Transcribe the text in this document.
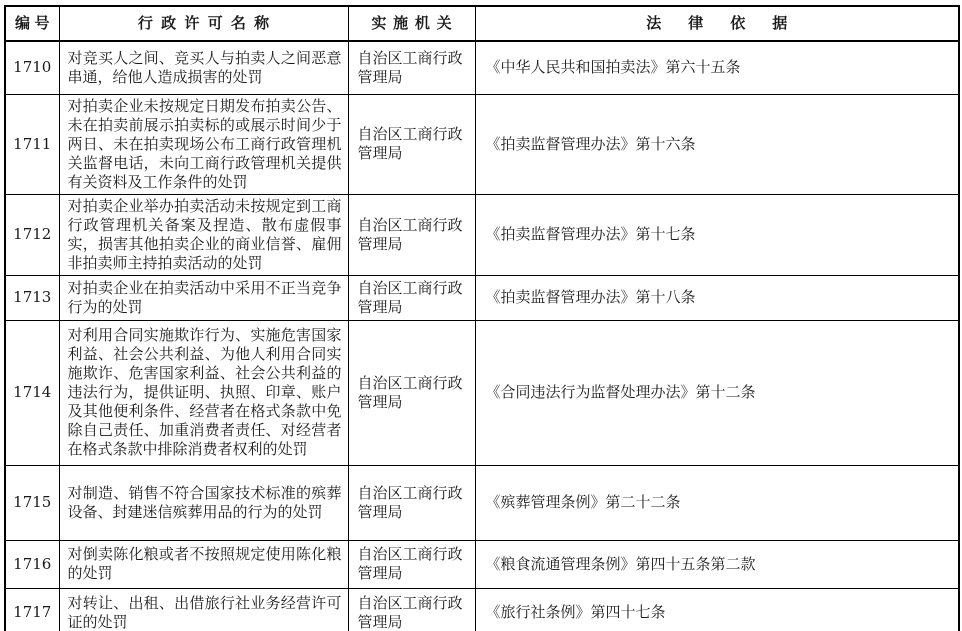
编号	行政许可名称	实施机关	法律依据
1710	对竞买人之间、竞买人与拍卖人之间恶意串通，给他人造成损害的处罚	自治区工商行政管理局	《中华人民共和国拍卖法》第六十五条
1711	对拍卖企业未按规定日期发布拍卖公告、未在拍卖前展示拍卖标的或展示时间少于两日、未在拍卖现场公布工商行政管理机关监督电话，未向工商行政管理机关提供有关资料及工作条件的处罚	自治区工商行政管理局	《拍卖监督管理办法》第十六条
1712	对拍卖企业举办拍卖活动未按规定到工商行政管理机关备案及捏造、散布虚假事实，损害其他拍卖企业的商业信誉、雇佣非拍卖师主持拍卖活动的处罚	自治区工商行政管理局	《拍卖监督管理办法》第十七条
1713	对拍卖企业在拍卖活动中采用不正当竞争行为的处罚	自治区工商行政管理局	《拍卖监督管理办法》第十八条
1714	对利用合同实施欺诈行为、实施危害国家利益、社会公共利益、为他人利用合同实施欺诈、危害国家利益、社会公共利益的违法行为，提供证明、执照、印章、账户及其他便利条件、经营者在格式条款中免除自己责任、加重消费者责任、对经营者在格式条款中排除消费者权利的处罚	自治区工商行政管理局	《合同违法行为监督处理办法》第十二条
1715	对制造、销售不符合国家技术标准的殡葬设备、封建迷信殡葬用品的行为的处罚	自治区工商行政管理局	《殡葬管理条例》第二十二条
1716	对倒卖陈化粮或者不按照规定使用陈化粮的处罚	自治区工商行政管理局	《粮食流通管理条例》第四十五条第二款
1717	对转让、出租、出借旅行社业务经营许可证的处罚	自治区工商行政管理局	《旅行社条例》第四十七条
